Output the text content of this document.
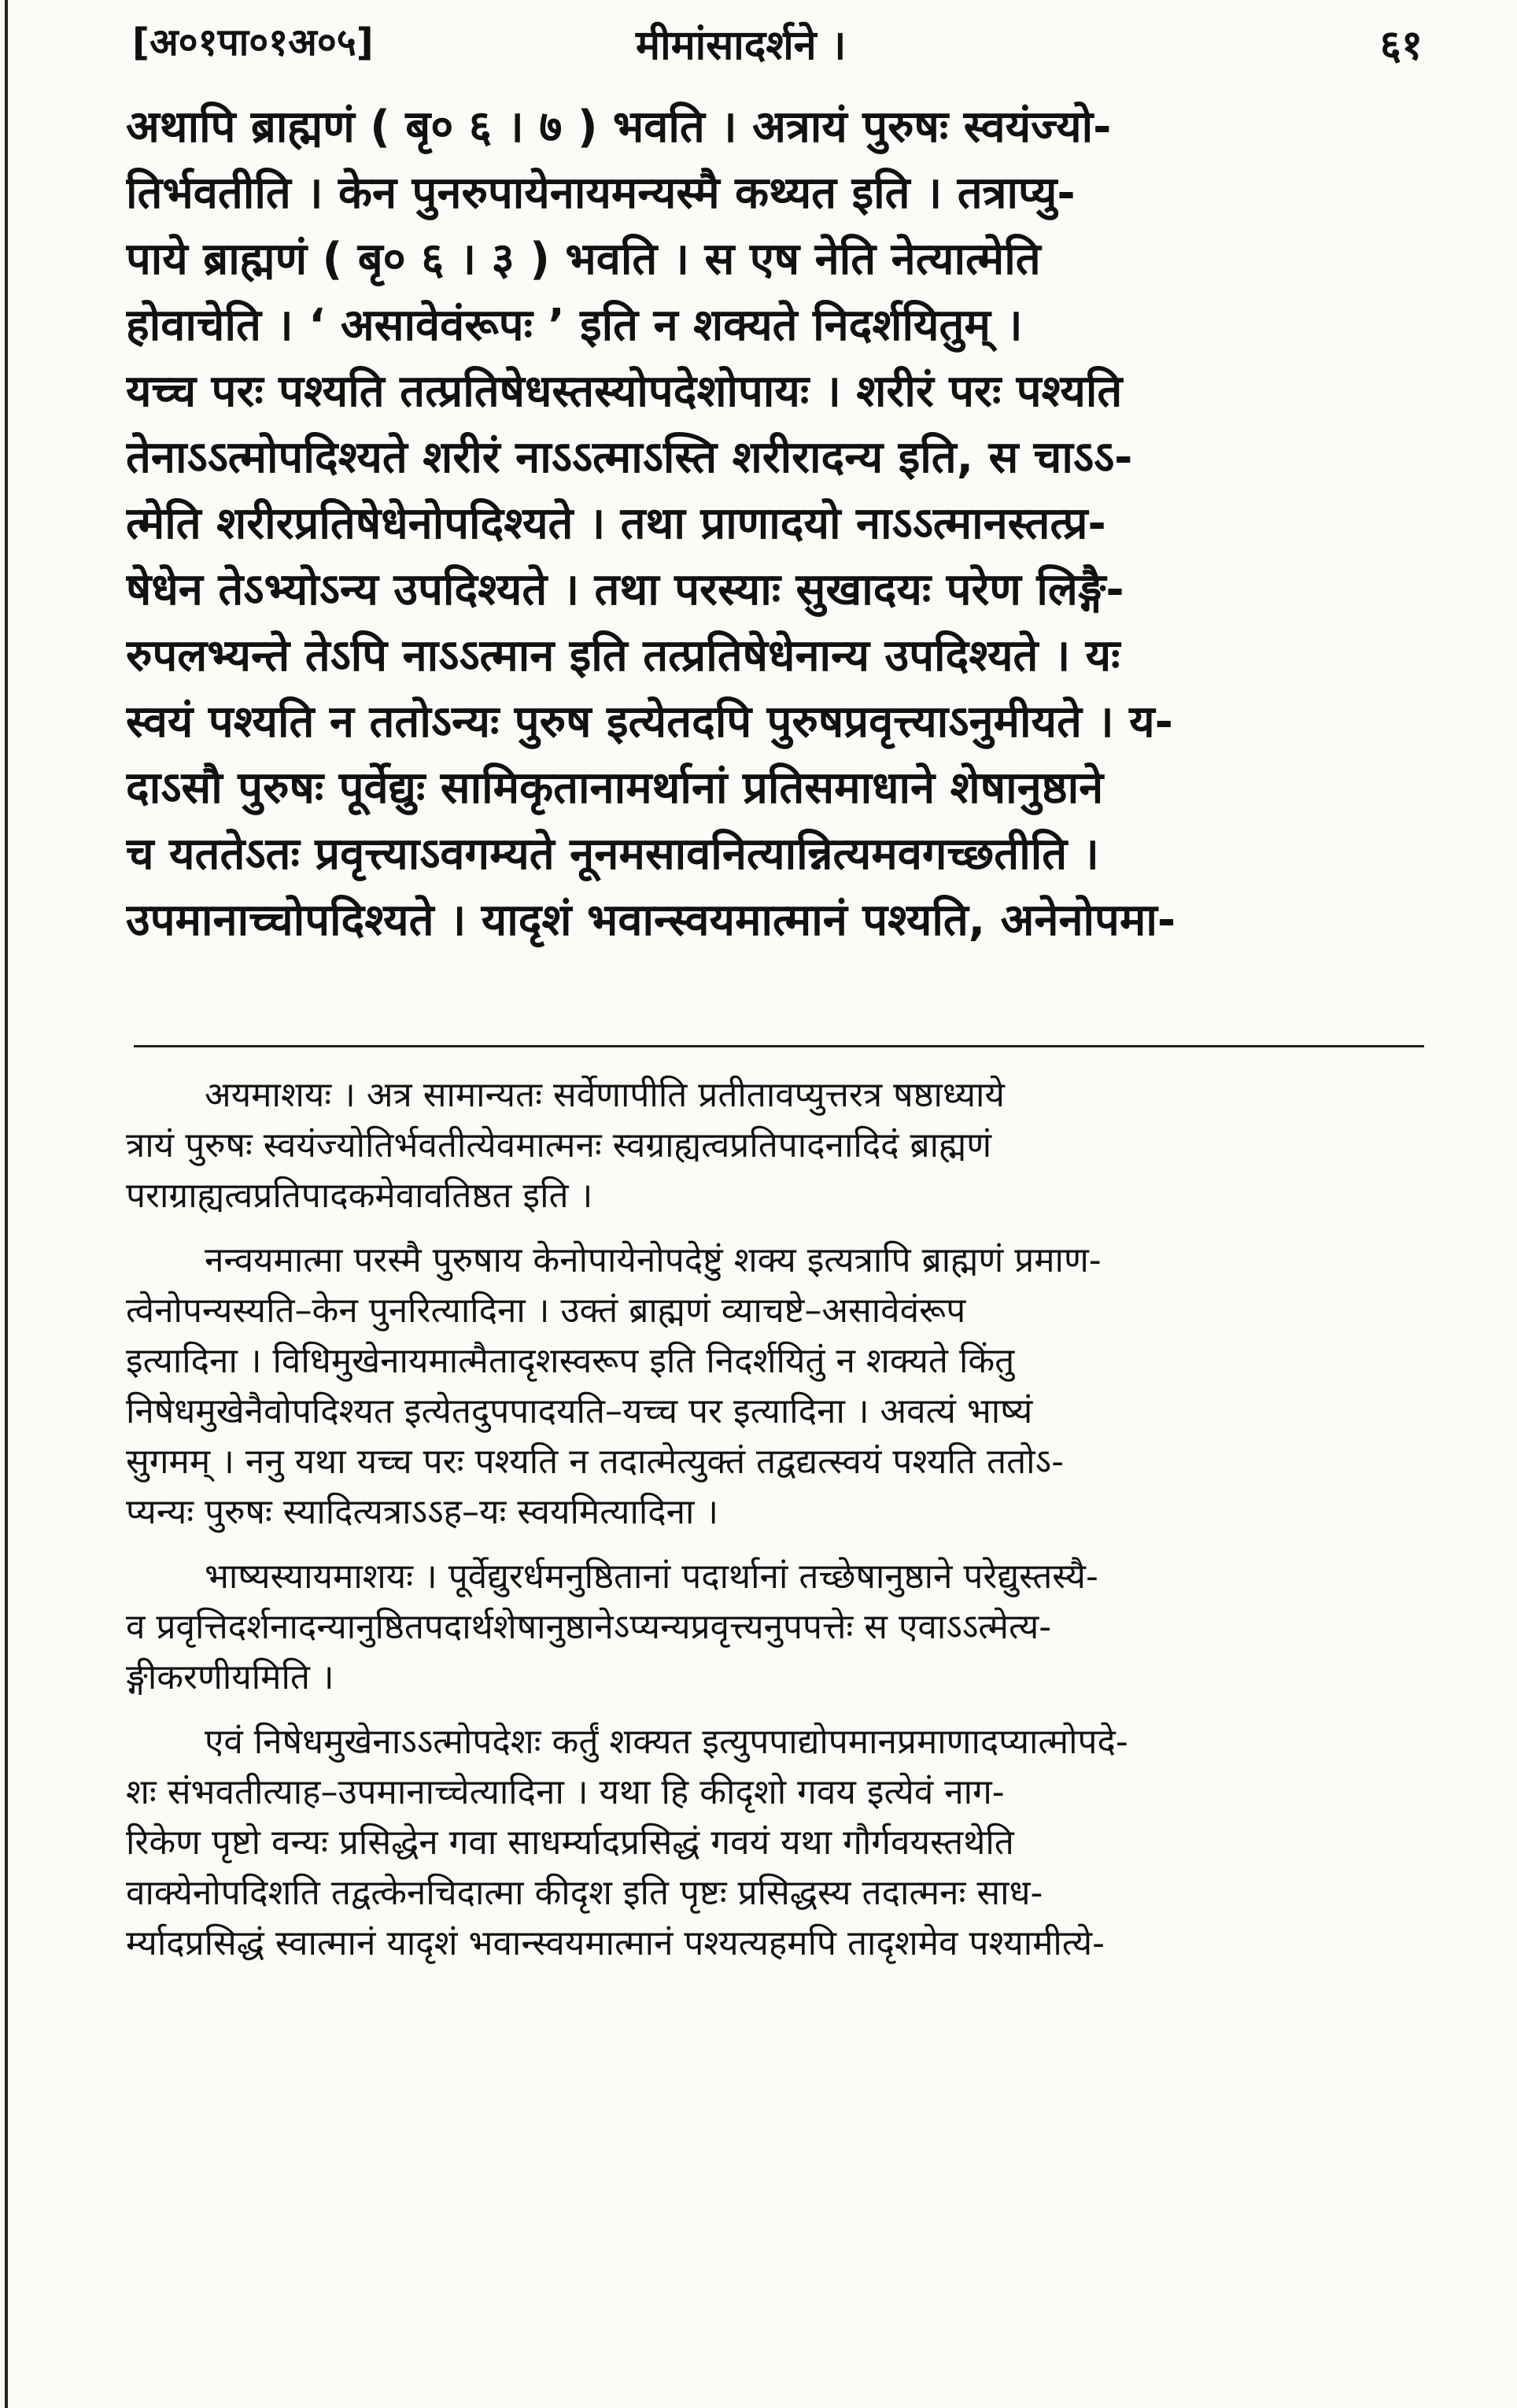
[अ०१पा०१अ०५]	मीमांसादर्शने ।	६१
अथापि ब्राह्मणं ( बृ० ६ । ७ ) भवति । अत्रायं पुरुषः स्वयंज्यो-
तिर्भवतीति । केन पुनरुपायेनायमन्यस्मै कथ्यत इति । तत्राप्यु-
पाये ब्राह्मणं ( बृ० ६ । ३ ) भवति । स एष नेति नेत्यात्मेति
होवाचेति । ‘ असावेवंरूपः ’ इति न शक्यते निदर्शयितुम् ।
यच्च परः पश्यति तत्प्रतिषेधस्तस्योपदेशोपायः । शरीरं परः पश्यति
तेनाऽऽत्मोपदिश्यते शरीरं नाऽऽत्माऽस्ति शरीरादन्य इति, स चाऽऽ-
त्मेति शरीरप्रतिषेधेनोपदिश्यते । तथा प्राणादयो नाऽऽत्मानस्तत्प्र-
षेधेन तेऽभ्योऽन्य उपदिश्यते । तथा परस्याः सुखादयः परेण लिङ्गै-
रुपलभ्यन्ते तेऽपि नाऽऽत्मान इति तत्प्रतिषेधेनान्य उपदिश्यते । यः
स्वयं पश्यति न ततोऽन्यः पुरुष इत्येतदपि पुरुषप्रवृत्त्याऽनुमीयते । य-
दाऽसौ पुरुषः पूर्वेद्युः सामिकृतानामर्थानां प्रतिसमाधाने शेषानुष्ठाने
च यततेऽतः प्रवृत्त्याऽवगम्यते नूनमसावनित्यान्नित्यमवगच्छतीति ।
उपमानाच्चोपदिश्यते । यादृशं भवान्स्वयमात्मानं पश्यति, अनेनोपमा-
अयमाशयः । अत्र सामान्यतः सर्वेणापीति प्रतीतावप्युत्तरत्र षष्ठाध्याये
त्रायं पुरुषः स्वयंज्योतिर्भवतीत्येवमात्मनः स्वग्राह्यत्वप्रतिपादनादिदं ब्राह्मणं
पराग्राह्यत्वप्रतिपादकमेवावतिष्ठत इति ।
नन्वयमात्मा परस्मै पुरुषाय केनोपायेनोपदेष्टुं शक्य इत्यत्रापि ब्राह्मणं प्रमाण-
त्वेनोपन्यस्यति–केन पुनरित्यादिना । उक्तं ब्राह्मणं व्याचष्टे–असावेवंरूप
इत्यादिना । विधिमुखेनायमात्मैतादृशस्वरूप इति निदर्शयितुं न शक्यते किंतु
निषेधमुखेनैवोपदिश्यत इत्येतदुपपादयति–यच्च पर इत्यादिना । अवत्यं भाष्यं
सुगमम् । ननु यथा यच्च परः पश्यति न तदात्मेत्युक्तं तद्वद्यत्स्वयं पश्यति ततोऽ-
प्यन्यः पुरुषः स्यादित्यत्राऽऽह–यः स्वयमित्यादिना ।
भाष्यस्यायमाशयः । पूर्वेद्युरर्धमनुष्ठितानां पदार्थानां तच्छेषानुष्ठाने परेद्युस्तस्यै-
व प्रवृत्तिदर्शनादन्यानुष्ठितपदार्थशेषानुष्ठानेऽप्यन्यप्रवृत्त्यनुपपत्तेः स एवाऽऽत्मेत्य-
ङ्गीकरणीयमिति ।
एवं निषेधमुखेनाऽऽत्मोपदेशः कर्तुं शक्यत इत्युपपाद्योपमानप्रमाणादप्यात्मोपदे-
शः संभवतीत्याह–उपमानाच्चेत्यादिना । यथा हि कीदृशो गवय इत्येवं नाग-
रिकेण पृष्टो वन्यः प्रसिद्धेन गवा साधर्म्यादप्रसिद्धं गवयं यथा गौर्गवयस्तथेति
वाक्येनोपदिशति तद्वत्केनचिदात्मा कीदृश इति पृष्टः प्रसिद्धस्य तदात्मनः साध-
र्म्यादप्रसिद्धं स्वात्मानं यादृशं भवान्स्वयमात्मानं पश्यत्यहमपि तादृशमेव पश्यामीत्ये-
